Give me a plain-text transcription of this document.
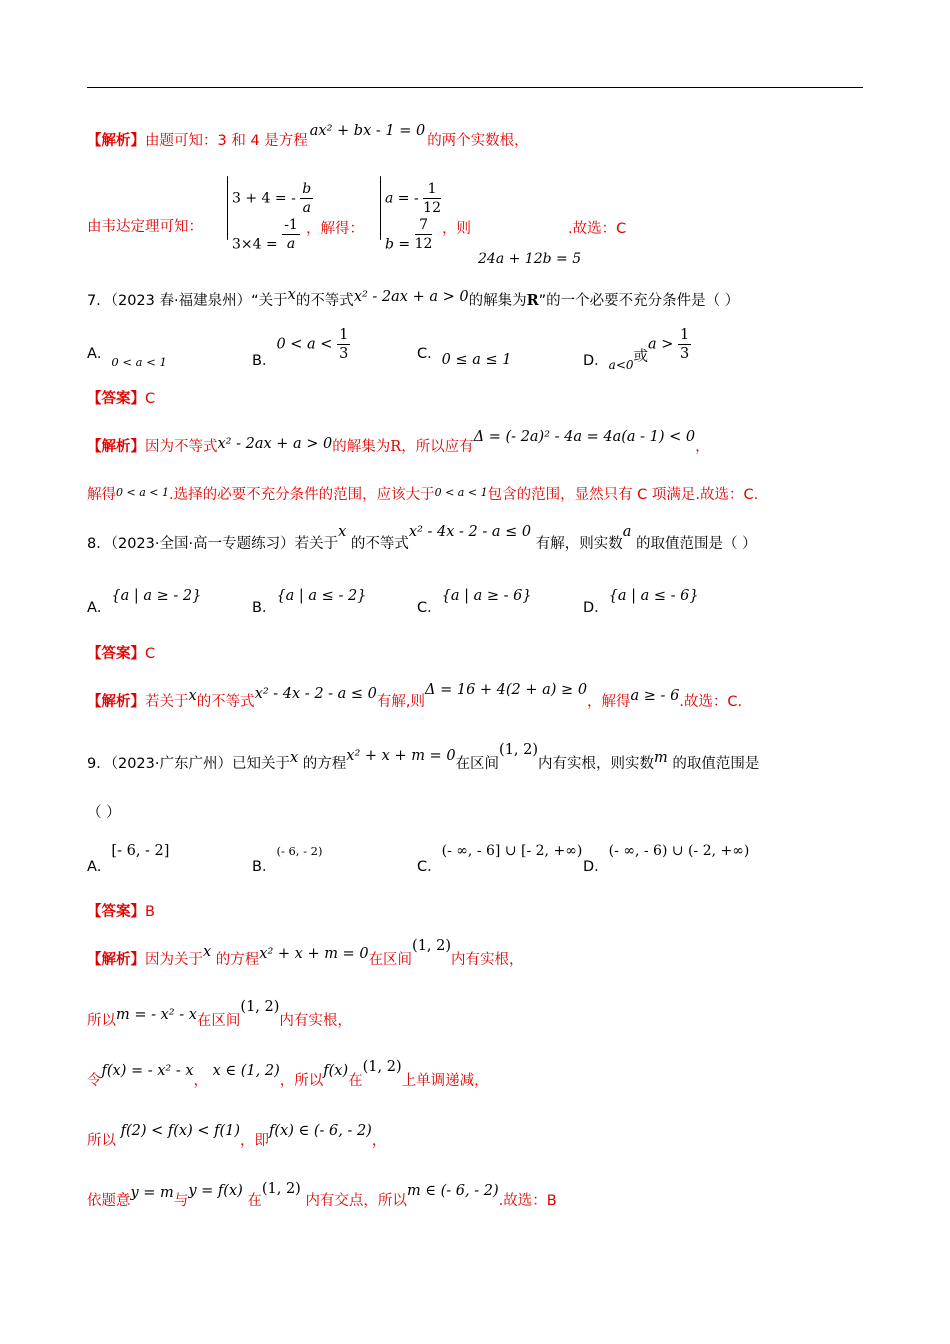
【解析】由题可知：3 和 4 是方程ax² + bx - 1 = 0的两个实数根，
由韦达定理可知：
3 + 4 = - $\frac{b}{a}$
$3\times 4 = \frac{-1}{a}$ ，解得：
a = - $\frac{1}{12}$
$b = \frac{7}{12}$ ，则
24a + 12b = 5
.故选：C
7．（2023 春·福建泉州）“关于x的不等式x² - 2ax + a > 0的解集为R”的一个必要不充分条件是（ ）
A．$_{0 < a < 1}$	B．$0 < a < \frac{1}{3}$	C．0 ≤ a ≤ 1	D．$_{a<0}$或$a > \frac{1}{3}$
【答案】C
【解析】因为不等式x² - 2ax + a > 0的解集为R，所以应有Δ = (- 2a)² - 4a = 4a(a - 1) < 0，
解得$^{0 < a < 1}$.选择的必要不充分条件的范围，应该大于$^{0 < a < 1}$包含的范围，显然只有 C 项满足.故选：C.
8．（2023·全国·高一专题练习）若关于x 的不等式x² - 4x - 2 - a ≤ 0 有解，则实数a 的取值范围是（ ）
A．{a | a ≥ - 2}
B．{a | a ≤ - 2}
C．{a | a ≥ - 6}
D．{a | a ≤ - 6}
【答案】C
【解析】若关于x的不等式x² - 4x - 2 - a ≤ 0有解,则Δ = 16 + 4(2 + a) ≥ 0，解得a ≥ - 6.故选：C.
9．（2023·广东广州）已知关于x 的方程x² + x + m = 0在区间(1, 2)内有实根，则实数m 的取值范围是
（ ）
A．[- 6, - 2]
B．$^{(- 6, - 2)}$
C．(- ∞, - 6] ∪ [- 2, +∞)
D．(- ∞, - 6) ∪ (- 2, +∞)
【答案】B
【解析】因为关于x 的方程x² + x + m = 0在区间(1, 2)内有实根，
所以m = - x² - x在区间(1, 2)内有实根，
令f(x) = - x² - x， x ∈ (1, 2)，所以f(x)在(1, 2)上单调递减，
所以 f(2) < f(x) < f(1)，即f(x) ∈ (- 6, - 2)，
依题意y = m与y = f(x) 在(1, 2) 内有交点，所以m ∈ (- 6, - 2).故选：B
